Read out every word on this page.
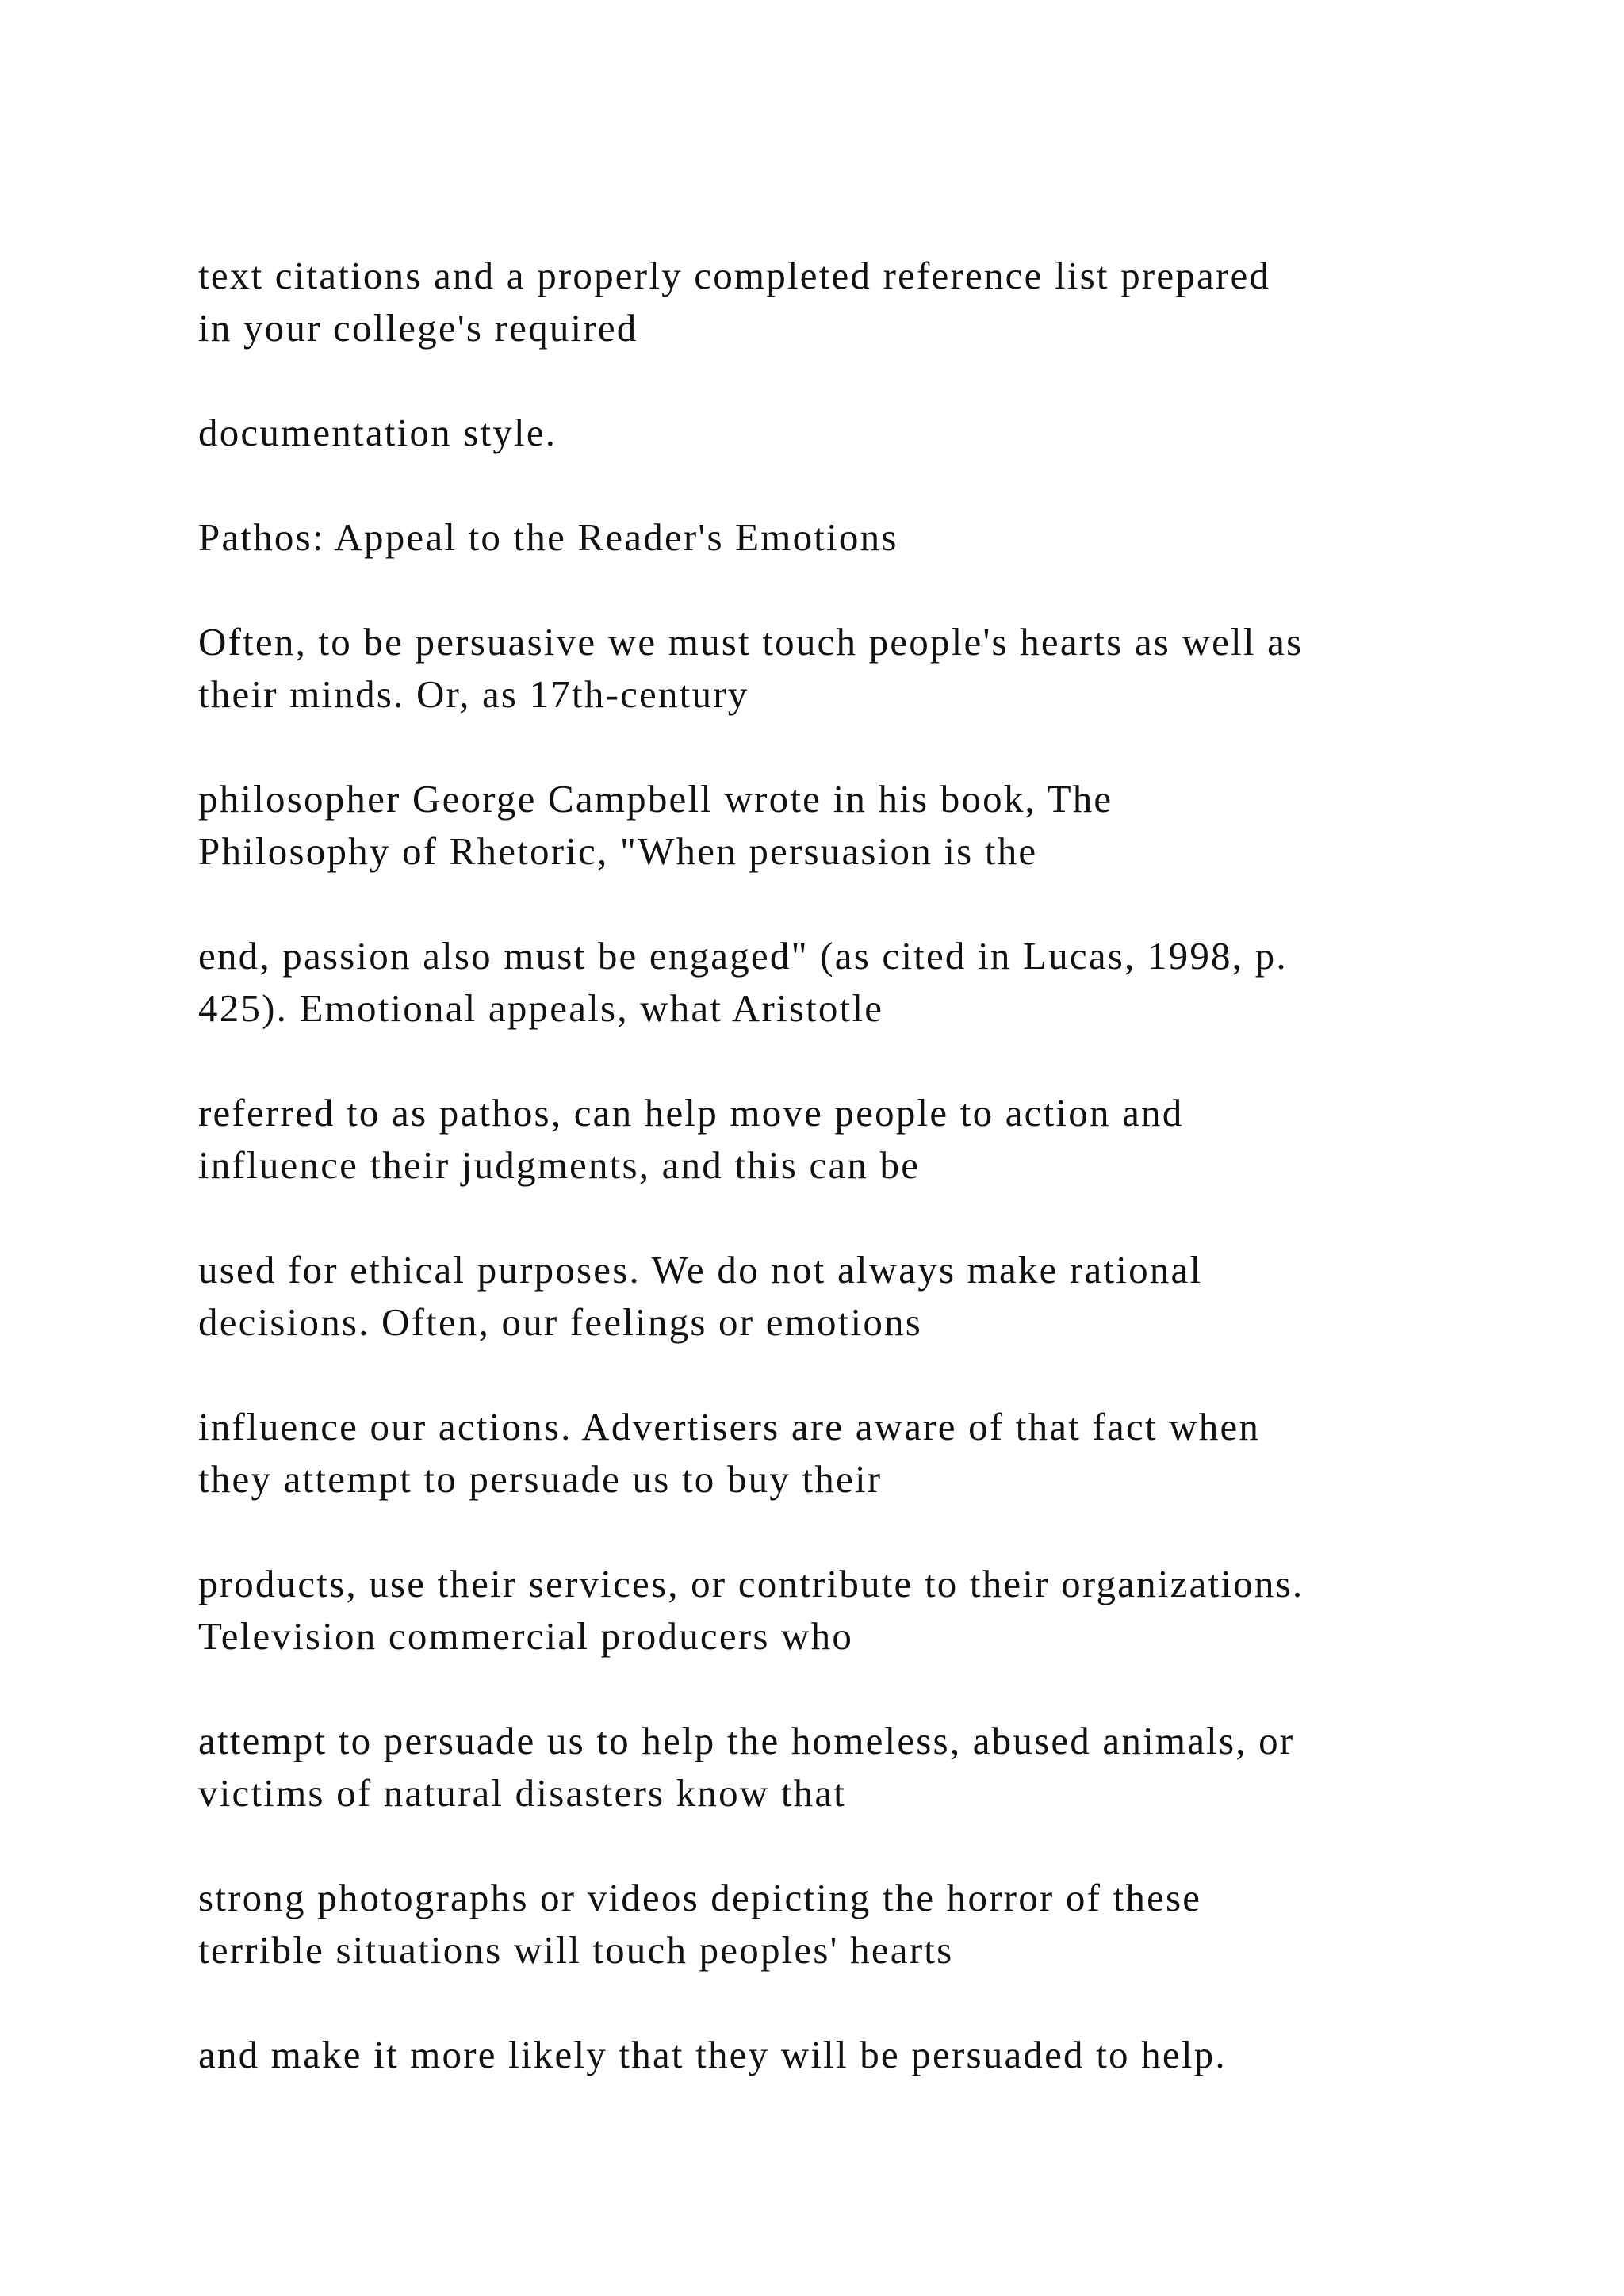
text citations and a properly completed reference list prepared
in your college's required

documentation style.

Pathos: Appeal to the Reader's Emotions

Often, to be persuasive we must touch people's hearts as well as
their minds. Or, as 17th-century

philosopher George Campbell wrote in his book, The
Philosophy of Rhetoric, "When persuasion is the

end, passion also must be engaged" (as cited in Lucas, 1998, p.
425). Emotional appeals, what Aristotle

referred to as pathos, can help move people to action and
influence their judgments, and this can be

used for ethical purposes. We do not always make rational
decisions. Often, our feelings or emotions

influence our actions. Advertisers are aware of that fact when
they attempt to persuade us to buy their

products, use their services, or contribute to their organizations.
Television commercial producers who

attempt to persuade us to help the homeless, abused animals, or
victims of natural disasters know that

strong photographs or videos depicting the horror of these
terrible situations will touch peoples' hearts

and make it more likely that they will be persuaded to help.
